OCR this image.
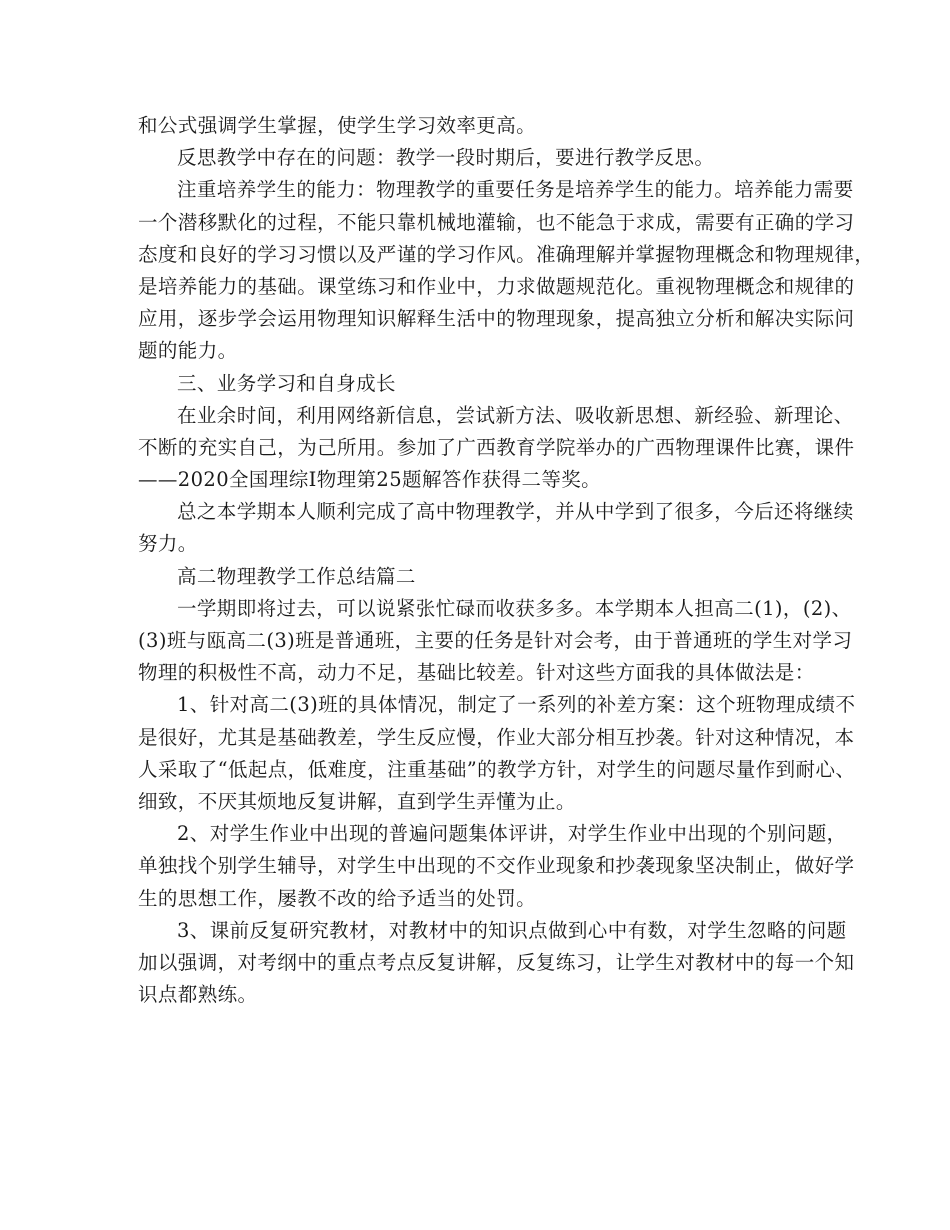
和公式强调学生掌握，使学生学习效率更高。
反思教学中存在的问题：教学一段时期后，要进行教学反思。
注重培养学生的能力：物理教学的重要任务是培养学生的能力。培养能力需要
一个潜移默化的过程，不能只靠机械地灌输，也不能急于求成，需要有正确的学习
态度和良好的学习习惯以及严谨的学习作风。准确理解并掌握物理概念和物理规律，
是培养能力的基础。课堂练习和作业中，力求做题规范化。重视物理概念和规律的
应用，逐步学会运用物理知识解释生活中的物理现象，提高独立分析和解决实际问
题的能力。
三、业务学习和自身成长
在业余时间，利用网络新信息，尝试新方法、吸收新思想、新经验、新理论、
不断的充实自己，为己所用。参加了广西教育学院举办的广西物理课件比赛，课件
——2020全国理综Ⅰ物理第25题解答作获得二等奖。
总之本学期本人顺利完成了高中物理教学，并从中学到了很多，今后还将继续
努力。
高二物理教学工作总结篇二
一学期即将过去，可以说紧张忙碌而收获多多。本学期本人担高二(1)，(2)、
(3)班与瓯高二(3)班是普通班，主要的任务是针对会考，由于普通班的学生对学习
物理的积极性不高，动力不足，基础比较差。针对这些方面我的具体做法是：
1、针对高二(3)班的具体情况，制定了一系列的补差方案：这个班物理成绩不
是很好，尤其是基础教差，学生反应慢，作业大部分相互抄袭。针对这种情况，本
人采取了“低起点，低难度，注重基础”的教学方针，对学生的问题尽量作到耐心、
细致，不厌其烦地反复讲解，直到学生弄懂为止。
2、对学生作业中出现的普遍问题集体评讲，对学生作业中出现的个别问题，
单独找个别学生辅导，对学生中出现的不交作业现象和抄袭现象坚决制止，做好学
生的思想工作，屡教不改的给予适当的处罚。
3、课前反复研究教材，对教材中的知识点做到心中有数，对学生忽略的问题
加以强调，对考纲中的重点考点反复讲解，反复练习，让学生对教材中的每一个知
识点都熟练。
